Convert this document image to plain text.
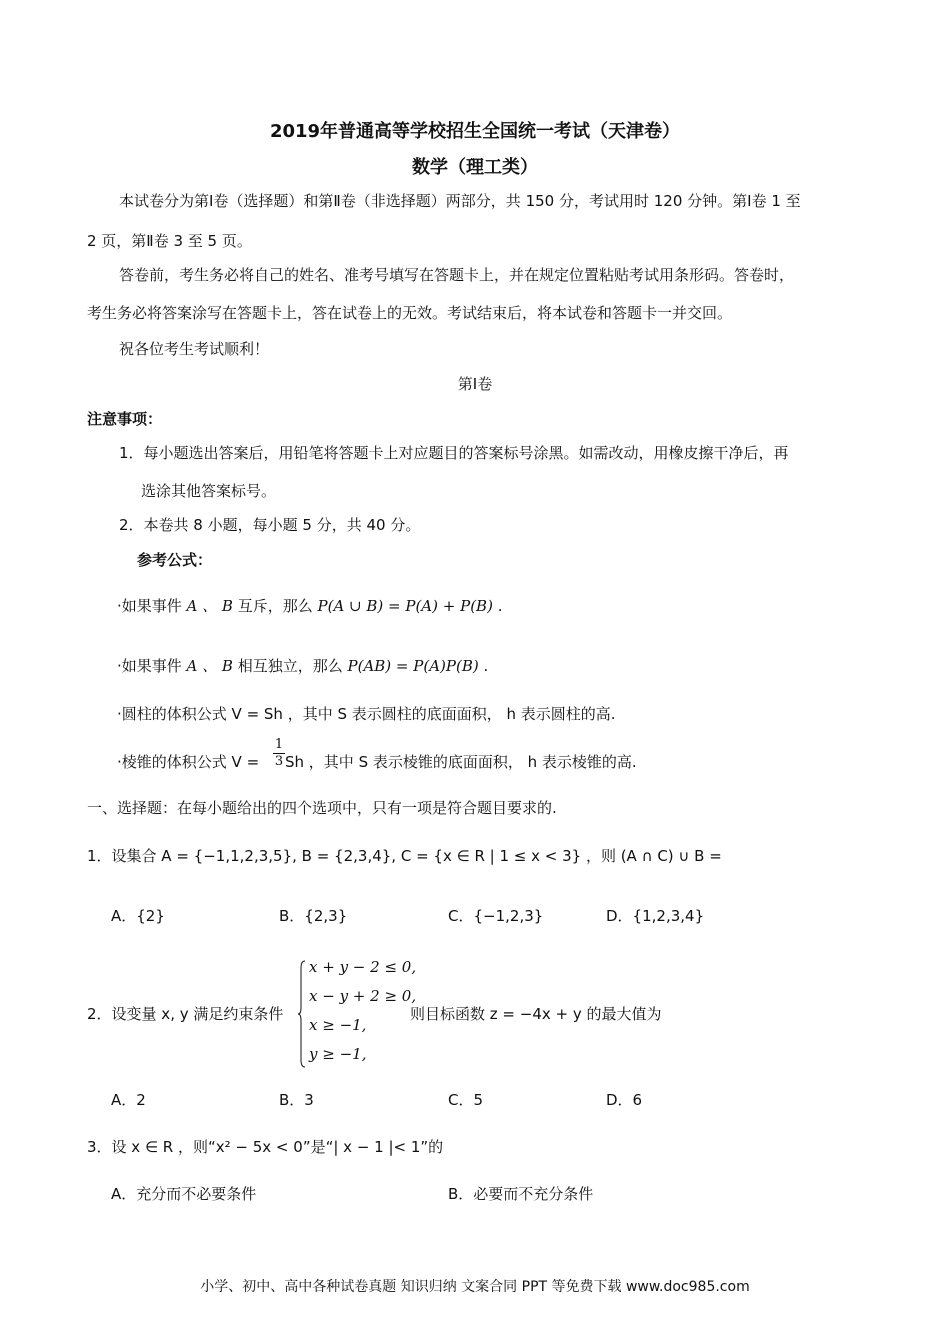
2019年普通高等学校招生全国统一考试（天津卷）
数学（理工类）
本试卷分为第Ⅰ卷（选择题）和第Ⅱ卷（非选择题）两部分，共 150 分，考试用时 120 分钟。第Ⅰ卷 1 至
2 页，第Ⅱ卷 3 至 5 页。
答卷前，考生务必将自己的姓名、准考号填写在答题卡上，并在规定位置粘贴考试用条形码。答卷时，
考生务必将答案涂写在答题卡上，答在试卷上的无效。考试结束后，将本试卷和答题卡一并交回。
祝各位考生考试顺利！
第Ⅰ卷
注意事项：
1．每小题选出答案后，用铅笔将答题卡上对应题目的答案标号涂黑。如需改动，用橡皮擦干净后，再
选涂其他答案标号。
2．本卷共 8 小题，每小题 5 分，共 40 分。
参考公式：
·如果事件 A 、 B 互斥，那么 P(A ∪ B) = P(A) + P(B) .
·如果事件 A 、 B 相互独立，那么 P(AB) = P(A)P(B) .
·圆柱的体积公式 V = Sh ，其中 S 表示圆柱的底面面积， h 表示圆柱的高.
·棱锥的体积公式 V =
1
3 Sh ，其中 S 表示棱锥的底面面积， h 表示棱锥的高.
一、选择题：在每小题给出的四个选项中，只有一项是符合题目要求的.
1．设集合 A = {−1,1,2,3,5}, B = {2,3,4}, C = {x ∈ R | 1 ≤ x < 3} ，则 (A ∩ C) ∪ B =
A．{2}	B．{2,3}	C．{−1,2,3}	D．{1,2,3,4}
2．设变量 x, y 满足约束条件
x + y − 2 ≤ 0,
x − y + 2 ≥ 0,
x ≥ −1,
y ≥ −1,
则目标函数 z = −4x + y 的最大值为
A．2	B．3	C．5	D．6
3．设 x ∈ R ，则“x² − 5x < 0”是“| x − 1 |< 1”的
A．充分而不必要条件	B．必要而不充分条件
小学、初中、高中各种试卷真题 知识归纳 文案合同 PPT 等免费下载 www.doc985.com
